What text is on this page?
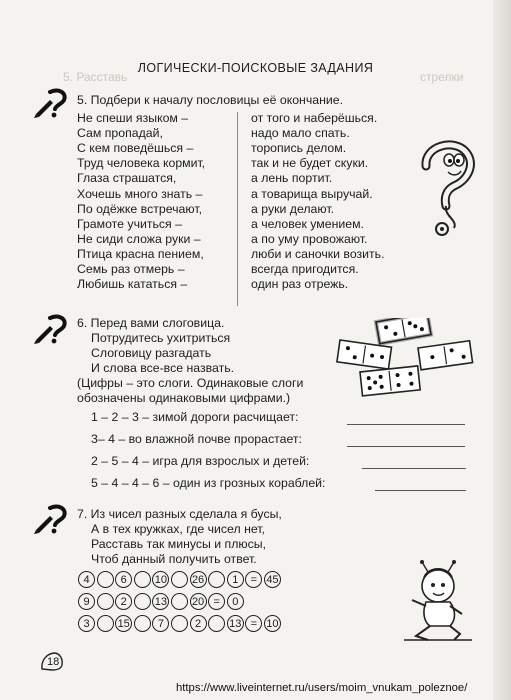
5. Расставь	стрелки
ЛОГИЧЕСКИ-ПОИСКОВЫЕ ЗАДАНИЯ
5. Подбери к началу пословицы её окончание.
Не спеши языком –
Сам пропадай,
С кем поведёшься –
Труд человека кормит,
Глаза страшатся,
Хочешь много знать –
По одёжке встречают,
Грамоте учиться –
Не сиди сложа руки –
Птица красна пением,
Семь раз отмерь –
Любишь кататься –
от того и наберёшься.
надо мало спать.
торопись делом.
так и не будет скуки.
а лень портит.
а товарища выручай.
а руки делают.
а человек умением.
а по уму провожают.
люби и саночки возить.
всегда пригодится.
один раз отрежь.
6. Перед вами слоговица.
Потрудитесь ухитриться
Слоговицу разгадать
И слова все-все назвать.
(Цифры – это слоги. Одинаковые слоги
обозначены одинаковыми цифрами.)
1 – 2 – 3 – зимой дороги расчищает:
3– 4 – во влажной почве прорастает:
2 – 5 – 4 – игра для взрослых и детей:
5 – 4 – 4 – 6 – один из грозных кораблей:
7. Из чисел разных сделала я бусы,
А в тех кружках, где чисел нет,
Расставь так минусы и плюсы,
Чтоб данный получить ответ.
4	6	10 26	1	= 45
9	2	13 20 =	0
3	15	7	2	13 = 10
18
https://www.liveinternet.ru/users/moim_vnukam_poleznoe/
